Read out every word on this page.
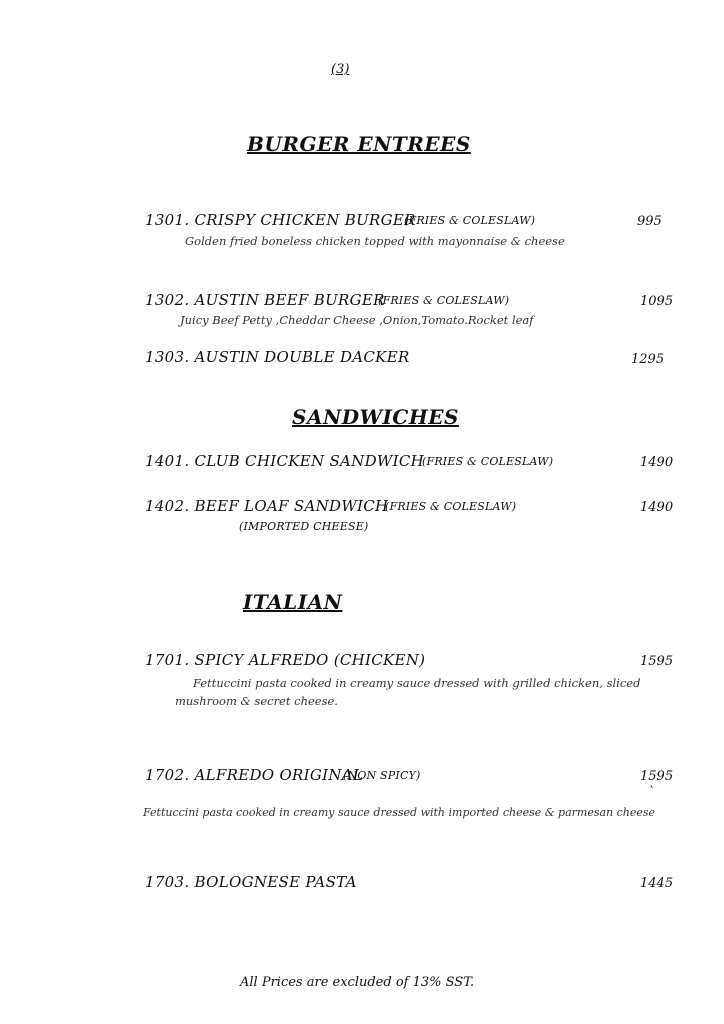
(3)
BURGER ENTREES
1301. CRISPY CHICKEN BURGER
(FRIES & COLESLAW)	995
Golden fried boneless chicken topped with mayonnaise & cheese
1302. AUSTIN BEEF BURGER
(FRIES & COLESLAW)	1095
Juicy Beef Petty ,Cheddar Cheese ,Onion,Tomato.Rocket leaf
1303. AUSTIN DOUBLE DACKER	1295
SANDWICHES
1401. CLUB CHICKEN SANDWICH
(FRIES & COLESLAW)	1490
1402. BEEF LOAF SANDWICH
(FRIES & COLESLAW)	1490
(IMPORTED CHEESE)
ITALIAN
1701. SPICY ALFREDO (CHICKEN)	1595
Fettuccini pasta cooked in creamy sauce dressed with grilled chicken, sliced
mushroom & secret cheese.
1702. ALFREDO ORIGINAL
(NON SPICY)	1595
`
Fettuccini pasta cooked in creamy sauce dressed with imported cheese & parmesan cheese
1703. BOLOGNESE PASTA	1445
All Prices are excluded of 13% SST.
